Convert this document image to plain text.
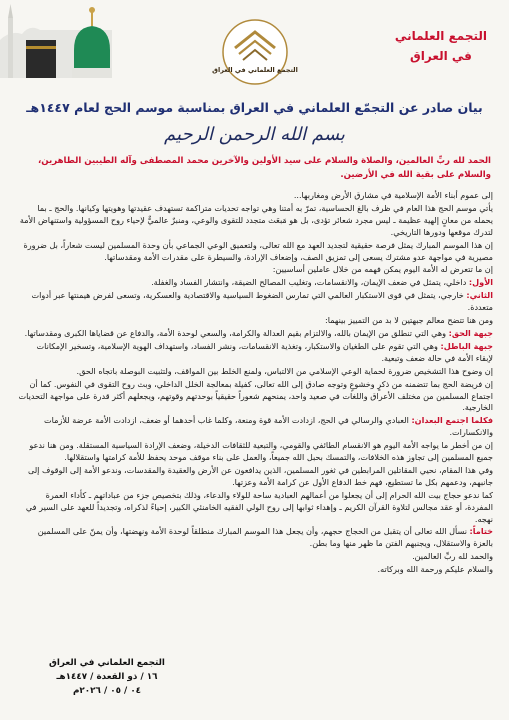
التجمع العلماني في العراق
التجمع العلماني
في العراق
بيان صادر عن التجمّع العلماني في العراق بمناسبة موسم الحج لعام ١٤٤٧هـ
بسم الله الرحمن الرحيم
الحمد لله ربِّ العالمين، والصلاة والسلام على سيد الأولين والآخرين محمد المصطفى وآله الطيبين الطاهرين، والسلام على بقية الله في الأرضين.

إلى عموم أبناء الأمة الإسلامية في مشارق الأرض ومغاربها...

يأتي موسم الحج هذا العام في ظرف بالغ الحساسية، تمرّ به أمتنا وهي تواجه تحديات متراكمة تستهدف عقيدتها وهويتها وكيانها. والحج ـ بما يحمله من معانٍ إلهية عظيمة ـ ليس مجرد شعائر تؤدى، بل هو مَبعَث متجدد للتقوى والوعي، ومنبرٌ عالميٌّ لإحياء روح المسؤولية واستنهاض الأمة لتدرك موقعها ودورها التاريخي.

إن هذا الموسم المبارك يمثل فرصة حقيقية لتجديد العهد مع الله تعالى، ولتعميق الوعي الجماعي بأن وحدة المسلمين ليست شعاراً، بل ضرورة مصيرية في مواجهة عدو مشترك يسعى إلى تمزيق الصف، وإضعاف الإرادة، والسيطرة على مقدرات الأمة ومقدساتها.

إن ما تتعرض له الأمة اليوم يمكن فهمه من خلال عاملين أساسيين:

الأول: داخلي، يتمثل في ضعف الإيمان، والانقسامات، وتغليب المصالح الضيقة، وانتشار الفساد والغفلة.

الثاني: خارجي، يتمثل في قوى الاستكبار العالمي التي تمارس الضغوط السياسية والاقتصادية والعسكرية، وتسعى لفرض هيمنتها عبر أدوات متعددة.

ومن هنا تتضح معالم جبهتين لا بد من التمييز بينهما:

جبهة الحق: وهي التي تنطلق من الإيمان بالله، والالتزام بقيم العدالة والكرامة، والسعي لوحدة الأمة، والدفاع عن قضاياها الكبرى ومقدساتها.

جبهة الباطل: وهي التي تقوم على الطغيان والاستكبار، وتغذية الانقسامات، ونشر الفساد، واستهداف الهوية الإسلامية، وتسخير الإمكانات لإبقاء الأمة في حالة ضعف وتبعية.

إن وضوح هذا التشخيص ضرورة لحماية الوعي الإسلامي من الالتباس، ولمنع الخلط بين المواقف، ولتثبيت البوصلة باتجاه الحق.

إن فريضة الحج بما تتضمنه من ذكرٍ وخشوعٍ وتوجه صادق إلى الله تعالى، كفيلة بمعالجة الخلل الداخلي، وبث روح التقوى في النفوس. كما أن اجتماع المسلمين من مختلف الأعراق واللغات في صعيد واحد، يمنحهم شعوراً حقيقياً بوحدتهم وقوتهم، ويجعلهم أكثر قدرة على مواجهة التحديات الخارجية.

فكلما اجتمع البعدان: العبادي والرسالي في الحج، ازدادت الأمة قوة ومنعة، وكلما غاب أحدهما أو ضعف، ازدادت الأمة عرضة للأزمات والانكسارات.

إن من أخطر ما يواجه الأمة اليوم هو الانقسام الطائفي والقومي، والتبعية للثقافات الدخيلة، وضعف الإرادة السياسية المستقلة. ومن هنا ندعو جميع المسلمين إلى تجاوز هذه الخلافات، والتمسك بحبل الله جميعاً، والعمل على بناء موقف موحد يحفظ للأمة كرامتها واستقلالها.

وفي هذا المقام، نحيي المقاتلين المرابطين في ثغور المسلمين، الذين يدافعون عن الأرض والعقيدة والمقدسات، وندعو الأمة إلى الوقوف إلى جانبهم، ودعمهم بكل ما تستطيع، فهم خط الدفاع الأول عن كرامة الأمة وعزتها.

كما ندعو حجاج بيت الله الحرام إلى أن يجعلوا من أعمالهم العبادية ساحة للولاء والدعاء، وذلك بتخصيص جزء من عباداتهم ـ كأداء العمرة المفردة، أو عقد مجالس لتلاوة القرآن الكريم ـ وإهداء ثوابها إلى روح الولي الفقيه الخامنئي الكبير، إحياءً لذكراه، وتجديداً للعهد على السير في نهجه.

ختاماً: نسأل الله تعالى أن يتقبل من الحجاج حجهم، وأن يجعل هذا الموسم المبارك منطلقاً لوحدة الأمة ونهضتها، وأن يمنّ على المسلمين بالعزة والاستقلال، ويجنبهم الفتن ما ظهر منها وما بطن.

والحمد لله ربِّ العالمين.

والسلام عليكم ورحمة الله وبركاته.

التجمع العلماني في العراق
١٦ / ذو القعدة / ١٤٤٧هـ
٠٤ / ٠٥ / ٢٠٢٦م
